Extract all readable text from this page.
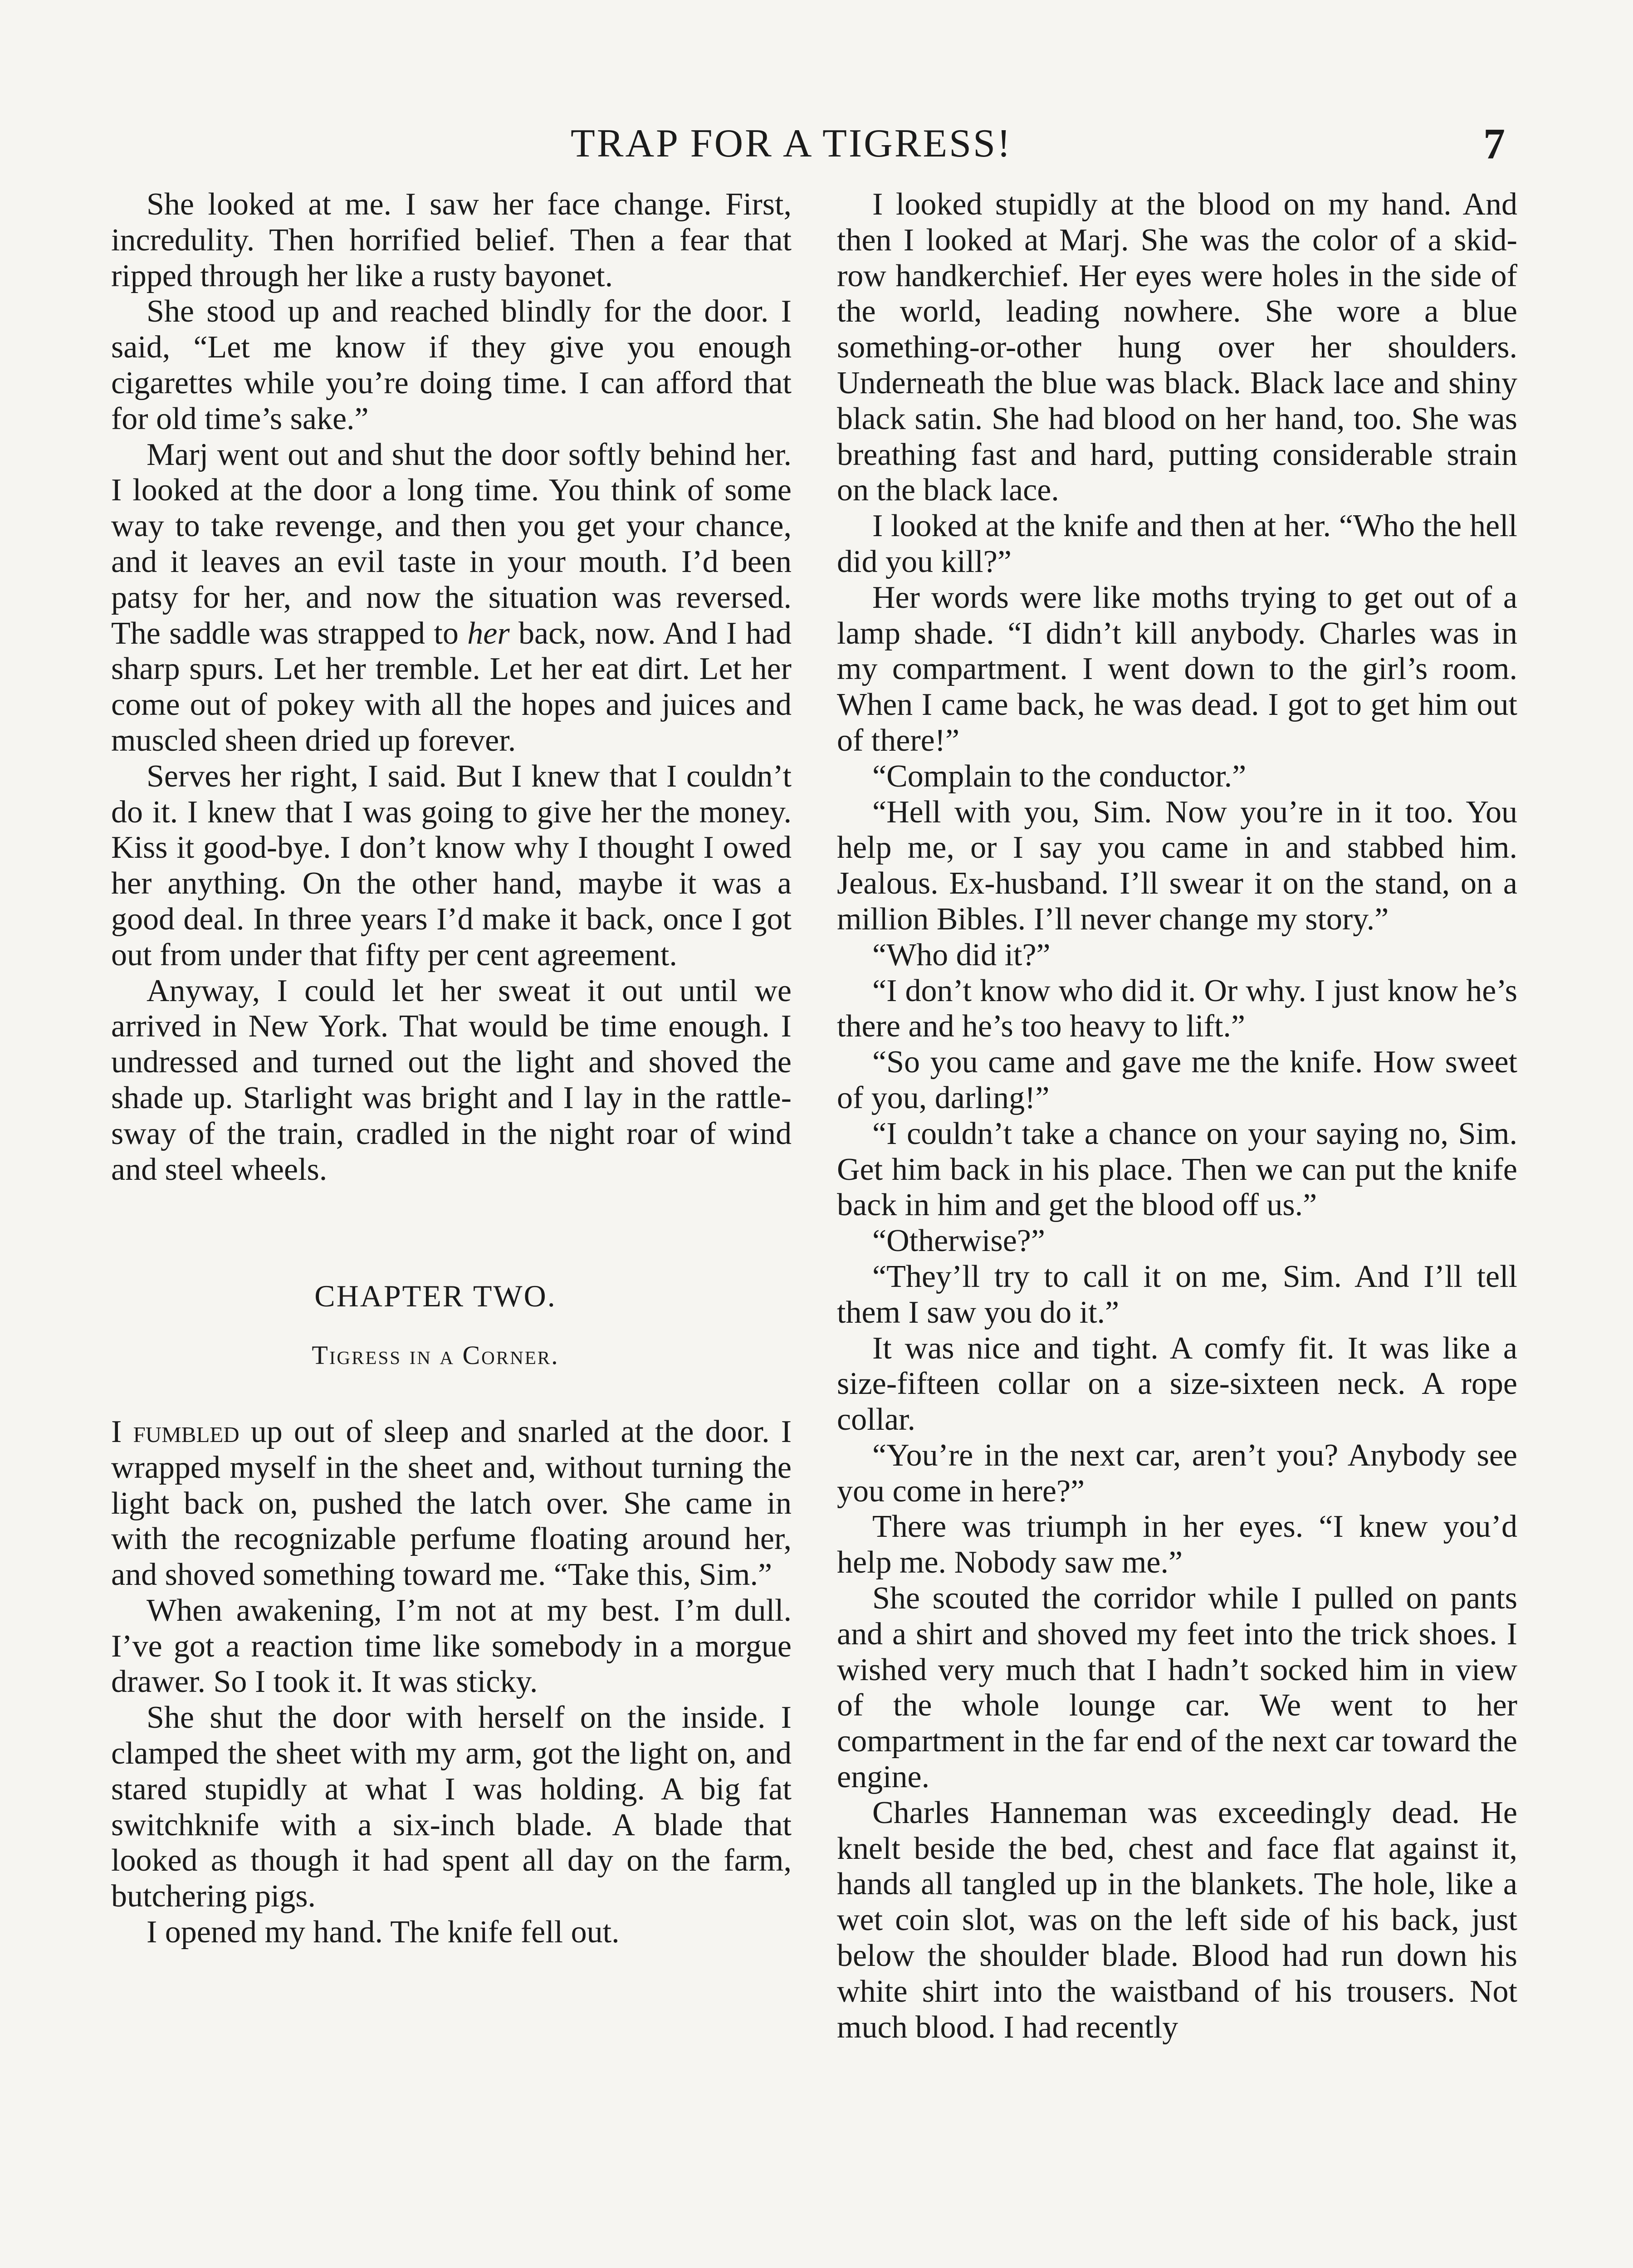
TRAP FOR A TIGRESS!	7

She looked at me. I saw her face change. First, incredulity. Then horrified belief. Then a fear that ripped through her like a rusty bayonet.

She stood up and reached blindly for the door. I said, “Let me know if they give you enough cigarettes while you’re doing time. I can afford that for old time’s sake.”

Marj went out and shut the door softly behind her. I looked at the door a long time. You think of some way to take revenge, and then you get your chance, and it leaves an evil taste in your mouth. I’d been patsy for her, and now the situation was reversed. The saddle was strapped to her back, now. And I had sharp spurs. Let her tremble. Let her eat dirt. Let her come out of pokey with all the hopes and juices and muscled sheen dried up forever.

Serves her right, I said. But I knew that I couldn’t do it. I knew that I was going to give her the money. Kiss it good-bye. I don’t know why I thought I owed her anything. On the other hand, maybe it was a good deal. In three years I’d make it back, once I got out from under that fifty per cent agreement.

Anyway, I could let her sweat it out until we arrived in New York. That would be time enough. I undressed and turned out the light and shoved the shade up. Starlight was bright and I lay in the rattle-sway of the train, cradled in the night roar of wind and steel wheels.

CHAPTER TWO.
Tigress in a Corner.

I fumbled up out of sleep and snarled at the door. I wrapped myself in the sheet and, without turning the light back on, pushed the latch over. She came in with the recognizable perfume floating around her, and shoved something toward me. “Take this, Sim.”

When awakening, I’m not at my best. I’m dull. I’ve got a reaction time like somebody in a morgue drawer. So I took it. It was sticky.

She shut the door with herself on the inside. I clamped the sheet with my arm, got the light on, and stared stupidly at what I was holding. A big fat switchknife with a six-inch blade. A blade that looked as though it had spent all day on the farm, butchering pigs.

I opened my hand. The knife fell out.

I looked stupidly at the blood on my hand. And then I looked at Marj. She was the color of a skid-row handkerchief. Her eyes were holes in the side of the world, leading nowhere. She wore a blue something-or-other hung over her shoulders. Underneath the blue was black. Black lace and shiny black satin. She had blood on her hand, too. She was breathing fast and hard, putting considerable strain on the black lace.

I looked at the knife and then at her. “Who the hell did you kill?”

Her words were like moths trying to get out of a lamp shade. “I didn’t kill anybody. Charles was in my compartment. I went down to the girl’s room. When I came back, he was dead. I got to get him out of there!”

“Complain to the conductor.”

“Hell with you, Sim. Now you’re in it too. You help me, or I say you came in and stabbed him. Jealous. Ex-husband. I’ll swear it on the stand, on a million Bibles. I’ll never change my story.”

“Who did it?”

“I don’t know who did it. Or why. I just know he’s there and he’s too heavy to lift.”

“So you came and gave me the knife. How sweet of you, darling!”

“I couldn’t take a chance on your saying no, Sim. Get him back in his place. Then we can put the knife back in him and get the blood off us.”

“Otherwise?”

“They’ll try to call it on me, Sim. And I’ll tell them I saw you do it.”

It was nice and tight. A comfy fit. It was like a size-fifteen collar on a size-sixteen neck. A rope collar.

“You’re in the next car, aren’t you? Anybody see you come in here?”

There was triumph in her eyes. “I knew you’d help me. Nobody saw me.”

She scouted the corridor while I pulled on pants and a shirt and shoved my feet into the trick shoes. I wished very much that I hadn’t socked him in view of the whole lounge car. We went to her compartment in the far end of the next car toward the engine.

Charles Hanneman was exceedingly dead. He knelt beside the bed, chest and face flat against it, hands all tangled up in the blankets. The hole, like a wet coin slot, was on the left side of his back, just below the shoulder blade. Blood had run down his white shirt into the waistband of his trousers. Not much blood. I had recently
